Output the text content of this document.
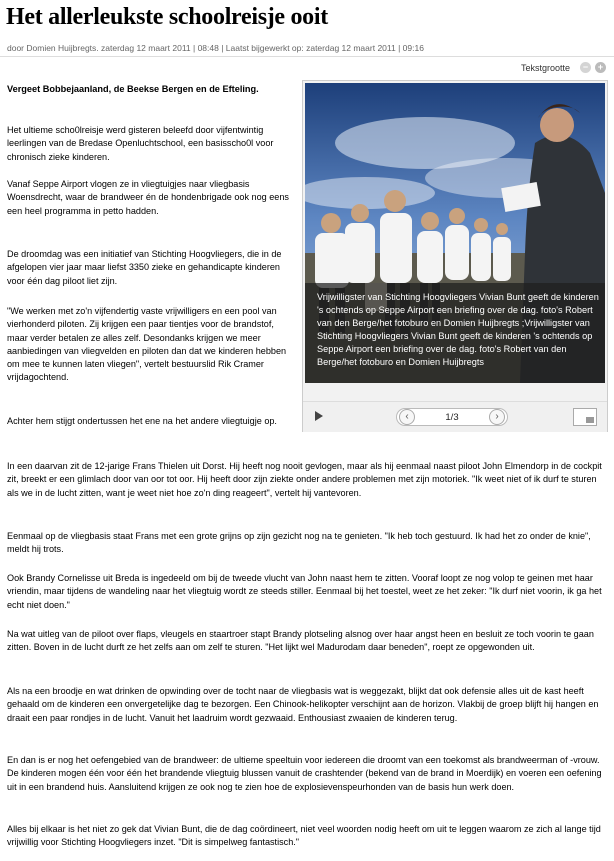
Het allerleukste schoolreisje ooit
door Domien Huijbregts. zaterdag 12 maart 2011 | 08:48 | Laatst bijgewerkt op: zaterdag 12 maart 2011 | 09:16
Tekstgrootte	−	+

Vergeet Bobbejaanland, de Beekse Bergen en de Efteling.

Het ultieme scho0lreisje werd gisteren beleefd door vijfentwintig leerlingen van de Bredase Openluchtschool, een basisscho0l voor chronisch zieke kinderen.

Vanaf Seppe Airport vlogen ze in vliegtuigjes naar vliegbasis Woensdrecht, waar de brandweer én de hondenbrigade ook nog eens een heel programma in petto hadden.

De droomdag was een initiatief van Stichting Hoogvliegers, die in de afgelopen vier jaar maar liefst 3350 zieke en gehandicapte kinderen voor één dag piloot liet zijn.

"We werken met zo'n vijfendertig vaste vrijwilligers en een pool van vierhonderd piloten. Zij krijgen een paar tientjes voor de brandstof, maar verder betalen ze alles zelf. Desondanks krijgen we meer aanbiedingen van vliegvelden en piloten dan dat we kinderen hebben om mee te kunnen laten vliegen", vertelt bestuurslid Rik Cramer vrijdagochtend.

Achter hem stijgt ondertussen het ene na het andere vliegtuigje op.

In een daarvan zit de 12-jarige Frans Thielen uit Dorst. Hij heeft nog nooit gevlogen, maar als hij eenmaal naast piloot John Elmendorp in de cockpit zit, breekt er een glimlach door van oor tot oor. Hij heeft door zijn ziekte onder andere problemen met zijn motoriek. "Ik weet niet of ik durf te sturen als we in de lucht zitten, want je weet niet hoe zo'n ding reageert", vertelt hij vantevoren.

Eenmaal op de vliegbasis staat Frans met een grote grijns op zijn gezicht nog na te genieten. "Ik heb toch gestuurd. Ik had het zo onder de knie", meldt hij trots.

Ook Brandy Cornelisse uit Breda is ingedeeld om bij de tweede vlucht van John naast hem te zitten. Vooraf loopt ze nog volop te geinen met haar vriendin, maar tijdens de wandeling naar het vliegtuig wordt ze steeds stiller. Eenmaal bij het toestel, weet ze het zeker: "Ik durf niet voorin, ik ga het echt niet doen."

Na wat uitleg van de piloot over flaps, vleugels en staartroer stapt Brandy plotseling alsnog over haar angst heen en besluit ze toch voorin te gaan zitten. Boven in de lucht durft ze het zelfs aan om zelf te sturen. "Het lijkt wel Madurodam daar beneden", roept ze opgewonden uit.

Als na een broodje en wat drinken de opwinding over de tocht naar de vliegbasis wat is weggezakt, blijkt dat ook defensie alles uit de kast heeft gehaald om de kinderen een onvergetelijke dag te bezorgen. Een Chinook-helikopter verschijnt aan de horizon. Vlakbij de groep blijft hij hangen en draait een paar rondjes in de lucht. Vanuit het laadruim wordt gezwaaid. Enthousiast zwaaien de kinderen terug.

En dan is er nog het oefengebied van de brandweer: de ultieme speeltuin voor iedereen die droomt van een toekomst als brandweerman of -vrouw. De kinderen mogen één voor één het brandende vliegtuig blussen vanuit de crashtender (bekend van de brand in Moerdijk) en voeren een oefening uit in een brandend huis. Aansluitend krijgen ze ook nog te zien hoe de explosievenspeurhonden van de basis hun werk doen.

Alles bij elkaar is het niet zo gek dat Vivian Bunt, die de dag coördineert, niet veel woorden nodig heeft om uit te leggen waarom ze zich al lange tijd vrijwillig voor Stichting Hoogvliegers inzet. "Dit is simpelweg fantastisch."

Vrijwilligster van Stichting Hoogvliegers Vivian Bunt geeft de kinderen 's ochtends op Seppe Airport een briefing over de dag. foto's Robert van den Berge/het fotoburo en Domien Huijbregts ;Vrijwilligster van Stichting Hoogvliegers Vivian Bunt geeft de kinderen 's ochtends op Seppe Airport een briefing over de dag. foto's Robert van den Berge/het fotoburo en Domien Huijbregts

‹	1/3	›
